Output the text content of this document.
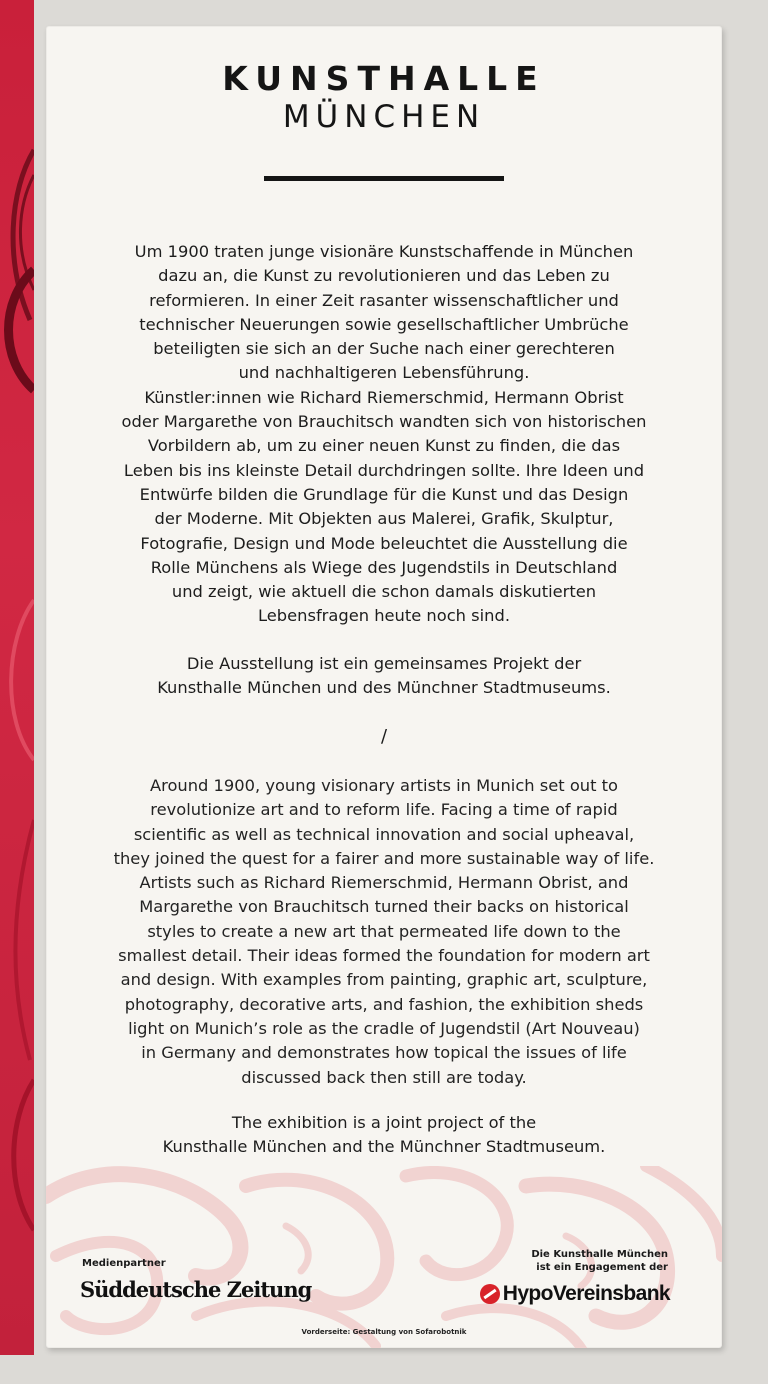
KUNSTHALLE
MÜNCHEN

Um 1900 traten junge visionäre Kunstschaffende in München

dazu an, die Kunst zu revolutionieren und das Leben zu

reformieren. In einer Zeit rasanter wissenschaftlicher und

technischer Neuerungen sowie gesellschaftlicher Umbrüche

beteiligten sie sich an der Suche nach einer gerechteren

und nachhaltigeren Lebensführung.

Künstler:innen wie Richard Riemerschmid, Hermann Obrist

oder Margarethe von Brauchitsch wandten sich von historischen

Vorbildern ab, um zu einer neuen Kunst zu finden, die das

Leben bis ins kleinste Detail durchdringen sollte. Ihre Ideen und

Entwürfe bilden die Grundlage für die Kunst und das Design

der Moderne. Mit Objekten aus Malerei, Grafik, Skulptur,

Fotografie, Design und Mode beleuchtet die Ausstellung die

Rolle Münchens als Wiege des Jugendstils in Deutschland

und zeigt, wie aktuell die schon damals diskutierten

Lebensfragen heute noch sind.

Die Ausstellung ist ein gemeinsames Projekt der

Kunsthalle München und des Münchner Stadtmuseums.

/

Around 1900, young visionary artists in Munich set out to

revolutionize art and to reform life. Facing a time of rapid

scientific as well as technical innovation and social upheaval,

they joined the quest for a fairer and more sustainable way of life.

Artists such as Richard Riemerschmid, Hermann Obrist, and

Margarethe von Brauchitsch turned their backs on historical

styles to create a new art that permeated life down to the

smallest detail. Their ideas formed the foundation for modern art

and design. With examples from painting, graphic art, sculpture,

photography, decorative arts, and fashion, the exhibition sheds

light on Munich’s role as the cradle of Jugendstil (Art Nouveau)

in Germany and demonstrates how topical the issues of life

discussed back then still are today.

The exhibition is a joint project of the

Kunsthalle München and the Münchner Stadtmuseum.

Medienpartner
Süddeutsche Zeitung
Die Kunsthalle München
ist ein Engagement der
HypoVereinsbank
Vorderseite: Gestaltung von Sofarobotnik
